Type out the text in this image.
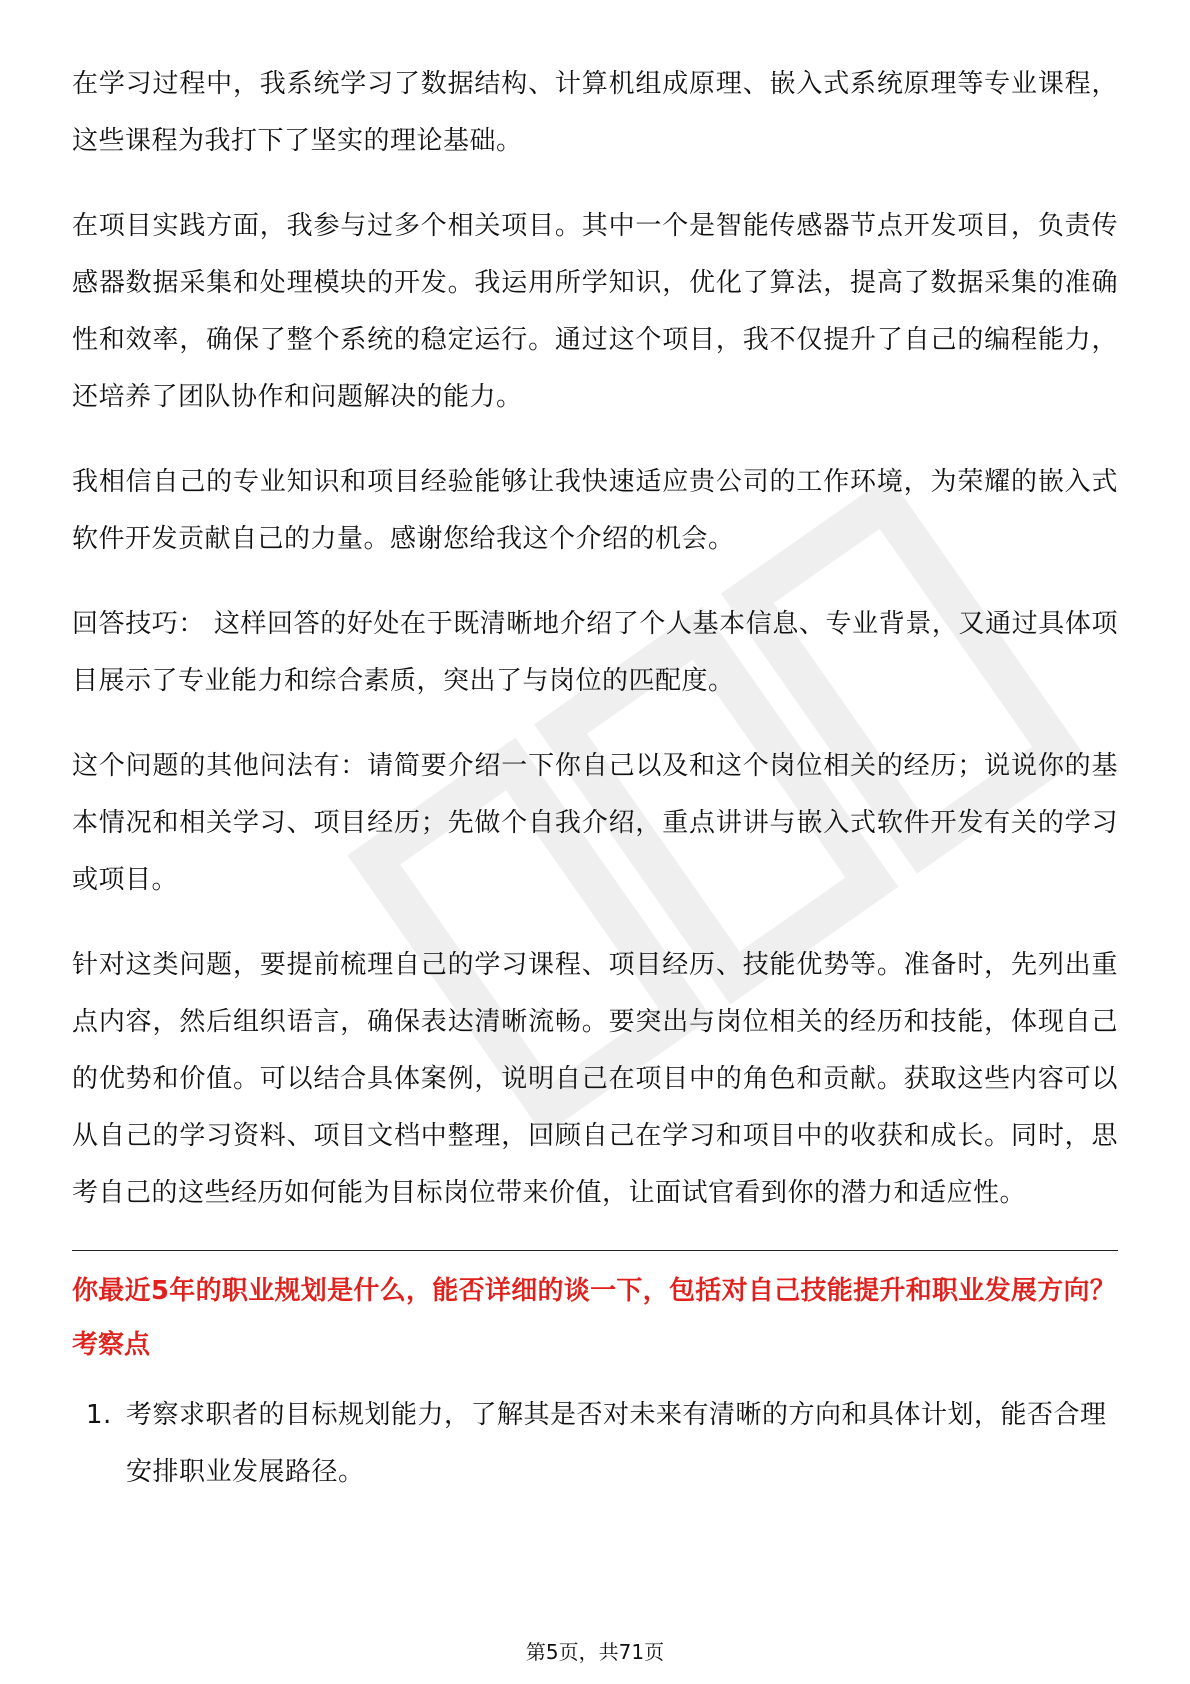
在学习过程中，我系统学习了数据结构、计算机组成原理、嵌入式系统原理等专业课程，这些课程为我打下了坚实的理论基础。

在项目实践方面，我参与过多个相关项目。其中一个是智能传感器节点开发项目，负责传感器数据采集和处理模块的开发。我运用所学知识，优化了算法，提高了数据采集的准确性和效率，确保了整个系统的稳定运行。通过这个项目，我不仅提升了自己的编程能力，还培养了团队协作和问题解决的能力。

我相信自己的专业知识和项目经验能够让我快速适应贵公司的工作环境，为荣耀的嵌入式软件开发贡献自己的力量。感谢您给我这个介绍的机会。

回答技巧： 这样回答的好处在于既清晰地介绍了个人基本信息、专业背景，又通过具体项目展示了专业能力和综合素质，突出了与岗位的匹配度。

这个问题的其他问法有：请简要介绍一下你自己以及和这个岗位相关的经历；说说你的基本情况和相关学习、项目经历；先做个自我介绍，重点讲讲与嵌入式软件开发有关的学习或项目。

针对这类问题，要提前梳理自己的学习课程、项目经历、技能优势等。准备时，先列出重点内容，然后组织语言，确保表达清晰流畅。要突出与岗位相关的经历和技能，体现自己的优势和价值。可以结合具体案例，说明自己在项目中的角色和贡献。获取这些内容可以从自己的学习资料、项目文档中整理，回顾自己在学习和项目中的收获和成长。同时，思考自己的这些经历如何能为目标岗位带来价值，让面试官看到你的潜力和适应性。

你最近5年的职业规划是什么，能否详细的谈一下，包括对自己技能提升和职业发展方向？
考察点
1. 考察求职者的目标规划能力，了解其是否对未来有清晰的方向和具体计划，能否合理安排职业发展路径。
第5页，共71页
